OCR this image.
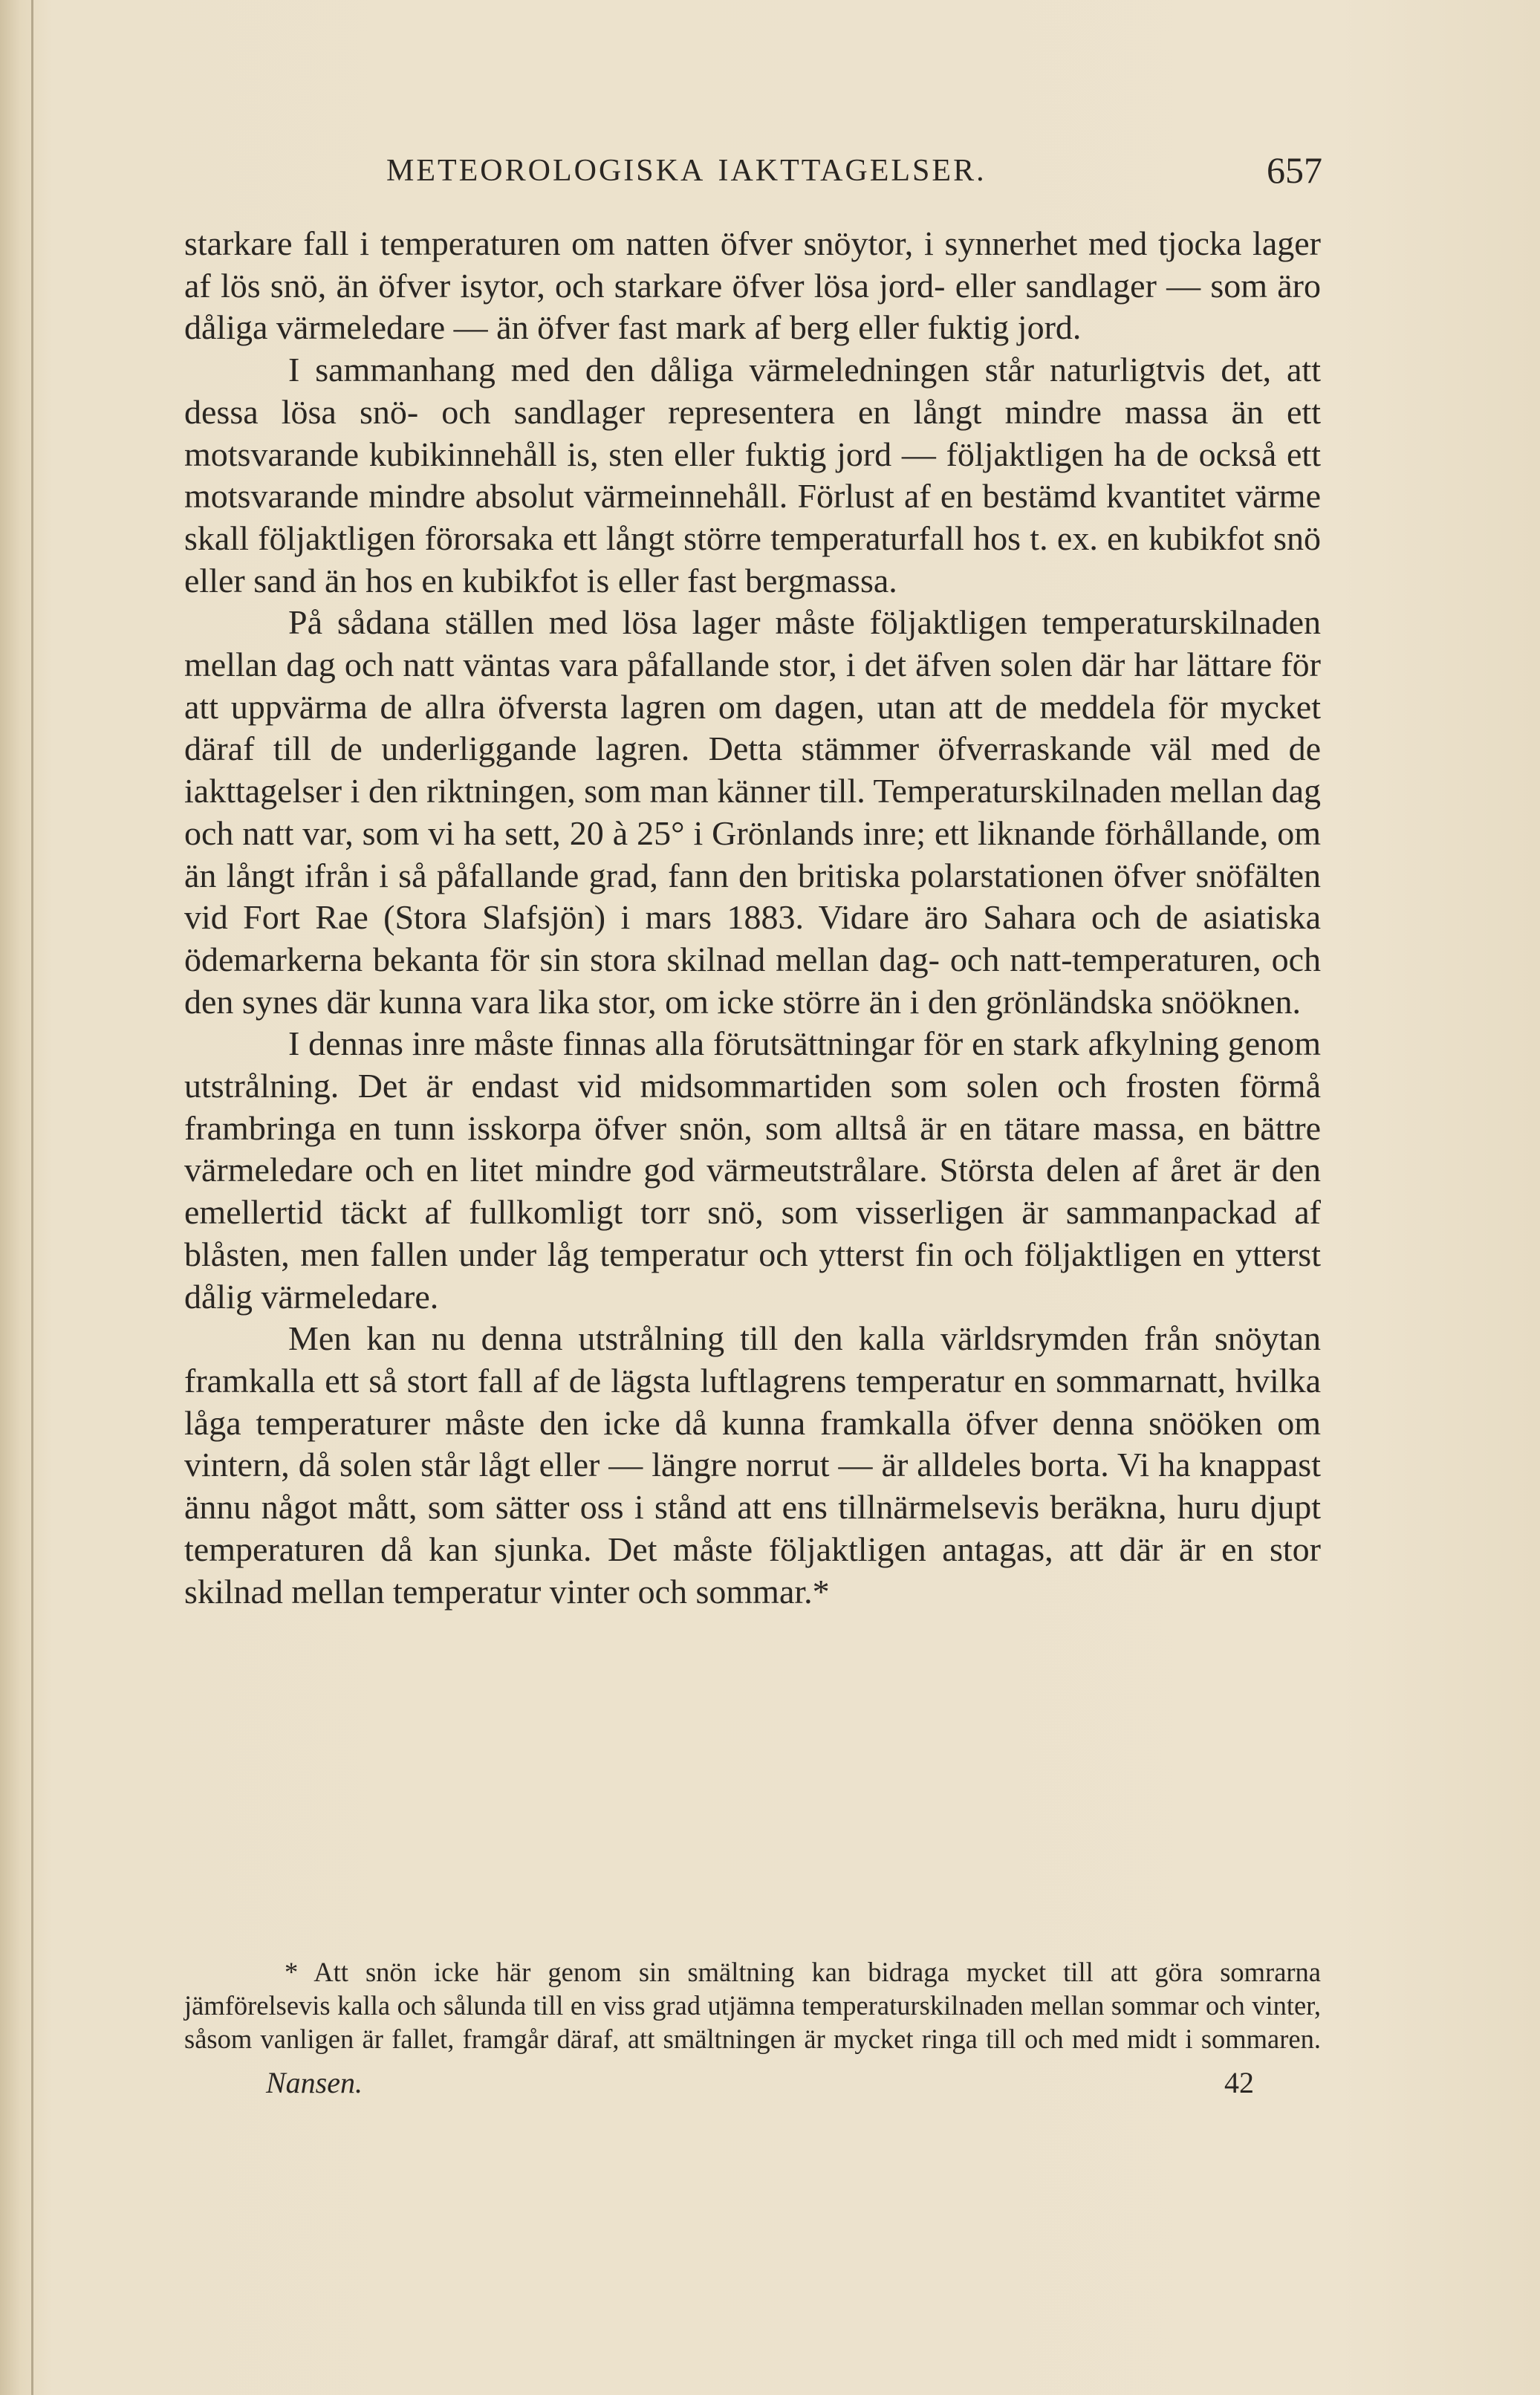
METEOROLOGISKA IAKTTAGELSER.	657

starkare fall i temperaturen om natten öfver snöytor, i synnerhet med tjocka lager af lös snö, än öfver isytor, och starkare öfver lösa jord- eller sandlager — som äro dåliga värmeledare — än öfver fast mark af berg eller fuktig jord.

I sammanhang med den dåliga värmeledningen står naturligtvis det, att dessa lösa snö- och sandlager representera en långt mindre massa än ett motsvarande kubikinnehåll is, sten eller fuktig jord — följaktligen ha de också ett motsvarande mindre absolut värmeinnehåll. Förlust af en bestämd kvantitet värme skall följaktligen förorsaka ett långt större temperaturfall hos t. ex. en kubikfot snö eller sand än hos en kubikfot is eller fast bergmassa.

På sådana ställen med lösa lager måste följaktligen temperaturskilnaden mellan dag och natt väntas vara påfallande stor, i det äfven solen där har lättare för att uppvärma de allra öfversta lagren om dagen, utan att de meddela för mycket däraf till de underliggande lagren. Detta stämmer öfverraskande väl med de iakttagelser i den riktningen, som man känner till. Temperaturskilnaden mellan dag och natt var, som vi ha sett, 20 à 25° i Grönlands inre; ett liknande förhållande, om än långt ifrån i så påfallande grad, fann den britiska polarstationen öfver snöfälten vid Fort Rae (Stora Slafsjön) i mars 1883. Vidare äro Sahara och de asiatiska ödemarkerna bekanta för sin stora skilnad mellan dag- och natt-temperaturen, och den synes där kunna vara lika stor, om icke större än i den grönländska snööknen.

I dennas inre måste finnas alla förutsättningar för en stark afkylning genom utstrålning. Det är endast vid midsommartiden som solen och frosten förmå frambringa en tunn isskorpa öfver snön, som alltså är en tätare massa, en bättre värmeledare och en litet mindre god värmeutstrålare. Största delen af året är den emellertid täckt af fullkomligt torr snö, som visserligen är sammanpackad af blåsten, men fallen under låg temperatur och ytterst fin och följaktligen en ytterst dålig värmeledare.

Men kan nu denna utstrålning till den kalla världsrymden från snöytan framkalla ett så stort fall af de lägsta luftlagrens temperatur en sommarnatt, hvilka låga temperaturer måste den icke då kunna framkalla öfver denna snööken om vintern, då solen står lågt eller — längre norrut — är alldeles borta. Vi ha knappast ännu något mått, som sätter oss i stånd att ens tillnärmelsevis beräkna, huru djupt temperaturen då kan sjunka. Det måste följaktligen antagas, att där är en stor skilnad mellan temperatur vinter och sommar.*

* Att snön icke här genom sin smältning kan bidraga mycket till att göra somrarna jämförelsevis kalla och sålunda till en viss grad utjämna temperaturskilnaden mellan sommar och vinter, såsom vanligen är fallet, framgår däraf, att smältningen är mycket ringa till och med midt i sommaren.

Nansen.	42
